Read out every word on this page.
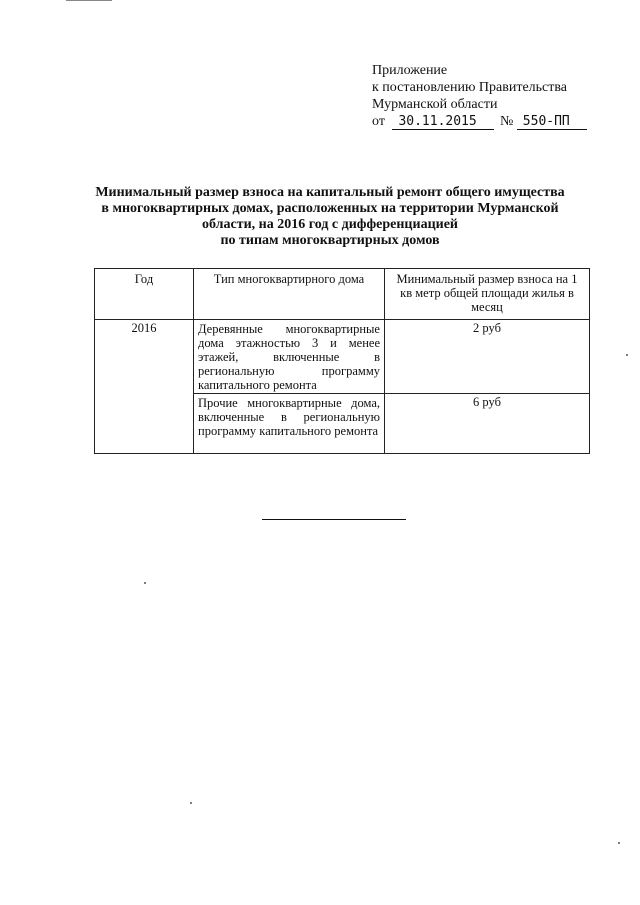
Приложение
к постановлению Правительства
Мурманской области
от 30.11.2015 № 550-ПП
Минимальный размер взноса на капитальный ремонт общего имущества
в многоквартирных домах, расположенных на территории Мурманской
области, на 2016 год с дифференциацией
по типам многоквартирных домов
Год	Тип многоквартирного дома	Минимальный размер взноса на 1 кв метр общей площади жилья в месяц
2016	Деревянные многоквартирные дома этажностью 3 и менее этажей, включенные в региональную программу капитального ремонта	2 руб
	Прочие многоквартирные дома, включенные в региональную программу капитального ремонта	6 руб
